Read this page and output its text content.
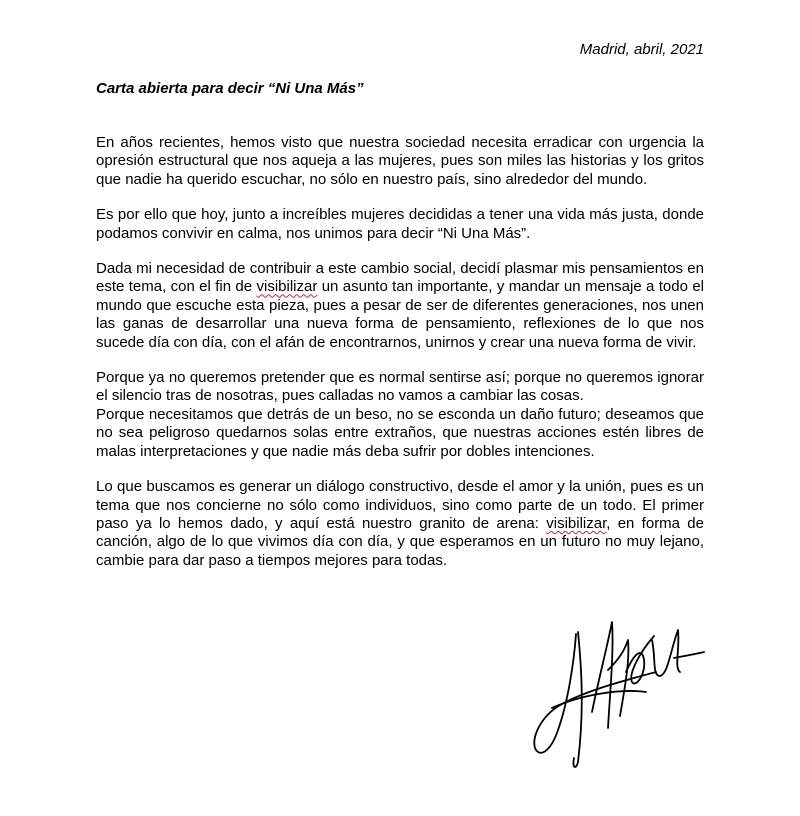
Madrid, abril, 2021
Carta abierta para decir “Ni Una Más”

En años recientes, hemos visto que nuestra sociedad necesita erradicar con urgencia la opresión estructural que nos aqueja a las mujeres, pues son miles las historias y los gritos que nadie ha querido escuchar, no sólo en nuestro país, sino alrededor del mundo.

Es por ello que hoy, junto a increíbles mujeres decididas a tener una vida más justa, donde podamos convivir en calma, nos unimos para decir “Ni Una Más”.

Dada mi necesidad de contribuir a este cambio social, decidí plasmar mis pensamientos en este tema, con el fin de visibilizar un asunto tan importante, y mandar un mensaje a todo el mundo que escuche esta pieza, pues a pesar de ser de diferentes generaciones, nos unen las ganas de desarrollar una nueva forma de pensamiento, reflexiones de lo que nos sucede día con día, con el afán de encontrarnos, unirnos y crear una nueva forma de vivir.

Porque ya no queremos pretender que es normal sentirse así; porque no queremos ignorar el silencio tras de nosotras, pues calladas no vamos a cambiar las cosas.

Porque necesitamos que detrás de un beso, no se esconda un daño futuro; deseamos que no sea peligroso quedarnos solas entre extraños, que nuestras acciones estén libres de malas interpretaciones y que nadie más deba sufrir por dobles intenciones.

Lo que buscamos es generar un diálogo constructivo, desde el amor y la unión, pues es un tema que nos concierne no sólo como individuos, sino como parte de un todo. El primer paso ya lo hemos dado, y aquí está nuestro granito de arena: visibilizar, en forma de canción, algo de lo que vivimos día con día, y que esperamos en un futuro no muy lejano, cambie para dar paso a tiempos mejores para todas.
